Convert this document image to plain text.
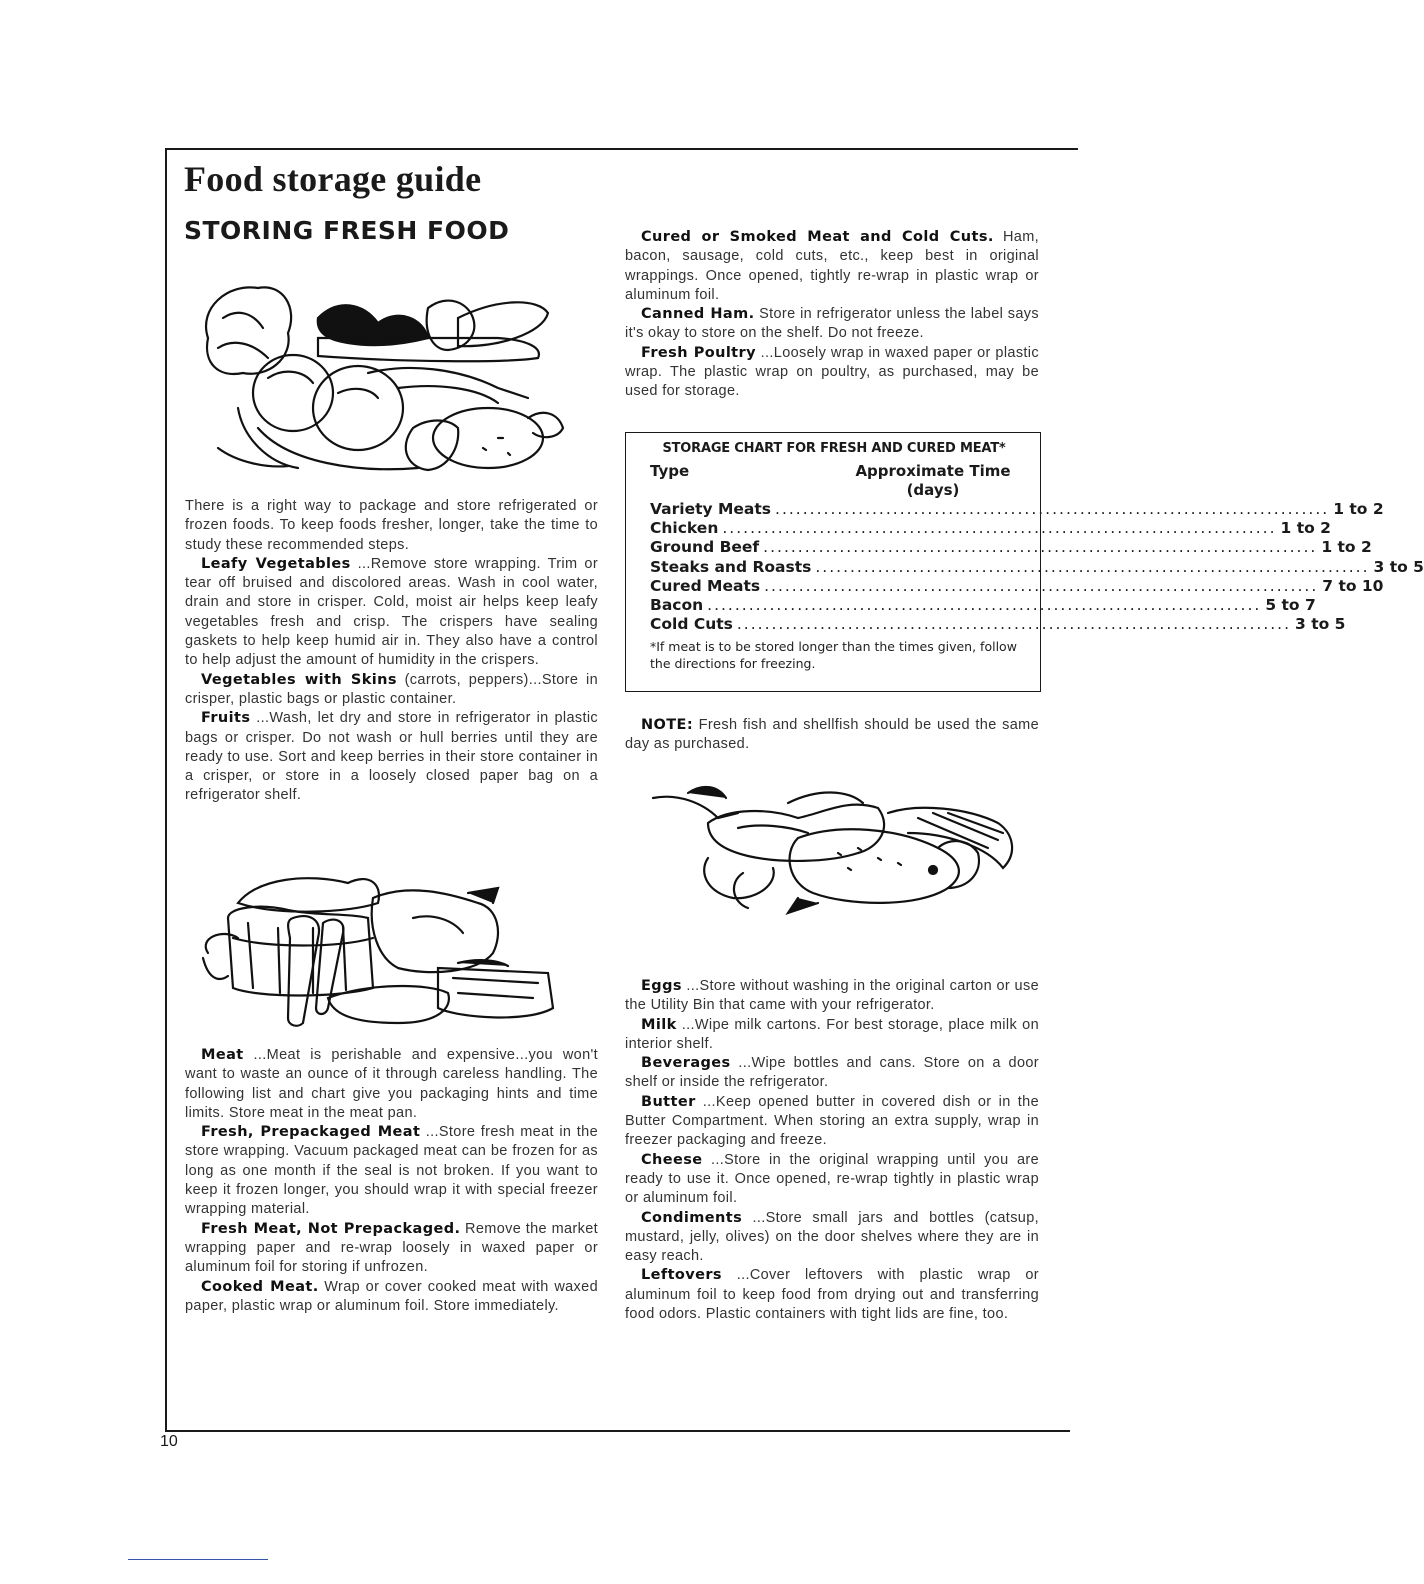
Food storage guide
STORING FRESH FOOD

There is a right way to package and store refrigerated or frozen foods. To keep foods fresher, longer, take the time to study these recommended steps.

Leafy Vegetables ...Remove store wrapping. Trim or tear off bruised and discolored areas. Wash in cool water, drain and store in crisper. Cold, moist air helps keep leafy vegetables fresh and crisp. The crispers have sealing gaskets to help keep humid air in. They also have a control to help adjust the amount of humidity in the crispers.

Vegetables with Skins (carrots, peppers)...Store in crisper, plastic bags or plastic container.

Fruits ...Wash, let dry and store in refrigerator in plastic bags or crisper. Do not wash or hull berries until they are ready to use. Sort and keep berries in their store container in a crisper, or store in a loosely closed paper bag on a refrigerator shelf.

Meat ...Meat is perishable and expensive...you won't want to waste an ounce of it through careless handling. The following list and chart give you packaging hints and time limits. Store meat in the meat pan.

Fresh, Prepackaged Meat ...Store fresh meat in the store wrapping. Vacuum packaged meat can be frozen for as long as one month if the seal is not broken. If you want to keep it frozen longer, you should wrap it with special freezer wrapping material.

Fresh Meat, Not Prepackaged. Remove the market wrapping paper and re-wrap loosely in waxed paper or aluminum foil for storing if unfrozen.

Cooked Meat. Wrap or cover cooked meat with waxed paper, plastic wrap or aluminum foil. Store immediately.

Cured or Smoked Meat and Cold Cuts. Ham, bacon, sausage, cold cuts, etc., keep best in original wrappings. Once opened, tightly re-wrap in plastic wrap or aluminum foil.

Canned Ham. Store in refrigerator unless the label says it's okay to store on the shelf. Do not freeze.

Fresh Poultry ...Loosely wrap in waxed paper or plastic wrap. The plastic wrap on poultry, as purchased, may be used for storage.

STORAGE CHART FOR FRESH AND CURED MEAT*
Type	Approximate Time (days)
Variety Meats ................................................................................ 1 to 2
Chicken ................................................................................ 1 to 2
Ground Beef ................................................................................ 1 to 2
Steaks and Roasts ................................................................................ 3 to 5
Cured Meats ................................................................................ 7 to 10
Bacon ................................................................................ 5 to 7
Cold Cuts ................................................................................ 3 to 5
*If meat is to be stored longer than the times given, follow the directions for freezing.

NOTE: Fresh fish and shellfish should be used the same day as purchased.

Eggs ...Store without washing in the original carton or use the Utility Bin that came with your refrigerator.

Milk ...Wipe milk cartons. For best storage, place milk on interior shelf.

Beverages ...Wipe bottles and cans. Store on a door shelf or inside the refrigerator.

Butter ...Keep opened butter in covered dish or in the Butter Compartment. When storing an extra supply, wrap in freezer packaging and freeze.

Cheese ...Store in the original wrapping until you are ready to use it. Once opened, re-wrap tightly in plastic wrap or aluminum foil.

Condiments ...Store small jars and bottles (catsup, mustard, jelly, olives) on the door shelves where they are in easy reach.

Leftovers ...Cover leftovers with plastic wrap or aluminum foil to keep food from drying out and transferring food odors. Plastic containers with tight lids are fine, too.

10
